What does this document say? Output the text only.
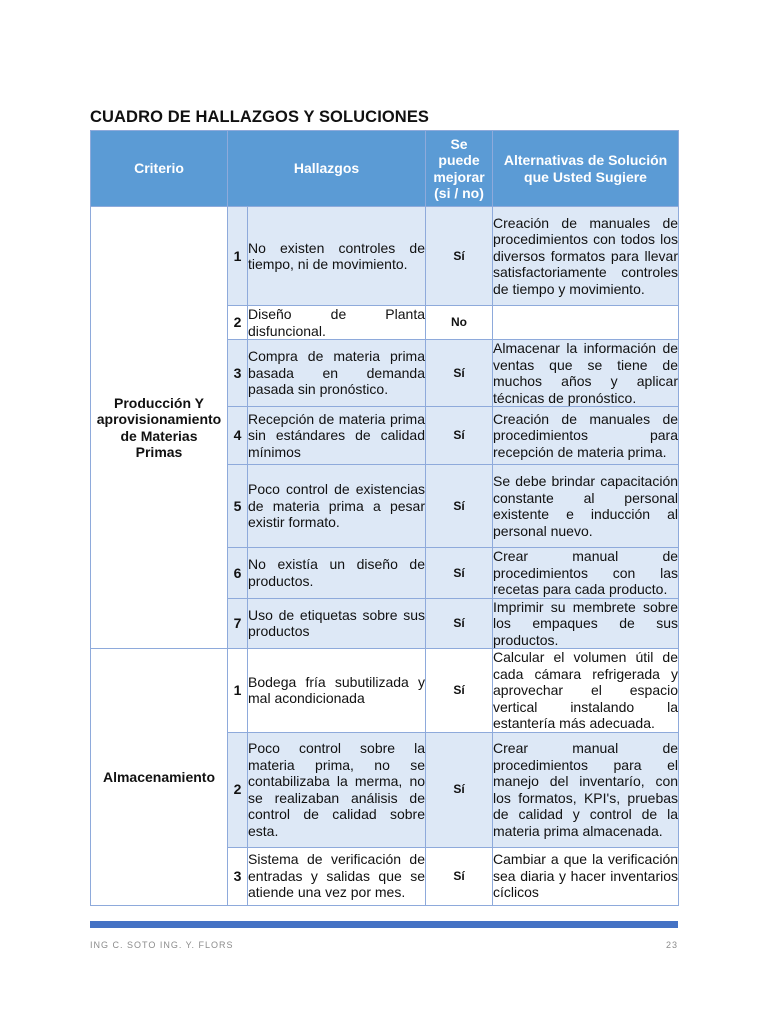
CUADRO DE HALLAZGOS Y SOLUCIONES
Criterio	Hallazgos		Se puede mejorar (si / no)	Alternativas de Solución que Usted Sugiere
Producción Y aprovisionamiento de Materias Primas	1	No existen controles de tiempo, ni de movimiento.	Sí	Creación de manuales de procedimientos con todos los diversos formatos para llevar satisfactoriamente controles de tiempo y movimiento.
	2	Diseño de Planta disfuncional.	No	
	3	Compra de materia prima basada en demanda pasada sin pronóstico.	Sí	Almacenar la información de ventas que se tiene de muchos años y aplicar técnicas de pronóstico.
	4	Recepción de materia prima sin estándares de calidad mínimos	Sí	Creación de manuales de procedimientos para recepción de materia prima.
	5	Poco control de existencias de materia prima a pesar existir formato.	Sí	Se debe brindar capacitación constante al personal existente e inducción al personal nuevo.
	6	No existía un diseño de productos.	Sí	Crear manual de procedimientos con las recetas para cada producto.
	7	Uso de etiquetas sobre sus productos	Sí	Imprimir su membrete sobre los empaques de sus productos.
Almacenamiento	1	Bodega fría subutilizada y mal acondicionada	Sí	Calcular el volumen útil de cada cámara refrigerada y aprovechar el espacio vertical instalando la estantería más adecuada.
	2	Poco control sobre la materia prima, no se contabilizaba la merma, no se realizaban análisis de control de calidad sobre esta.	Sí	Crear manual de procedimientos para el manejo del inventarío, con los formatos, KPI's, pruebas de calidad y control de la materia prima almacenada.
	3	Sistema de verificación de entradas y salidas que se atiende una vez por mes.	Sí	Cambiar a que la verificación sea diaria y hacer inventarios cíclicos
ING C. SOTO ING. Y. FLORS	23
